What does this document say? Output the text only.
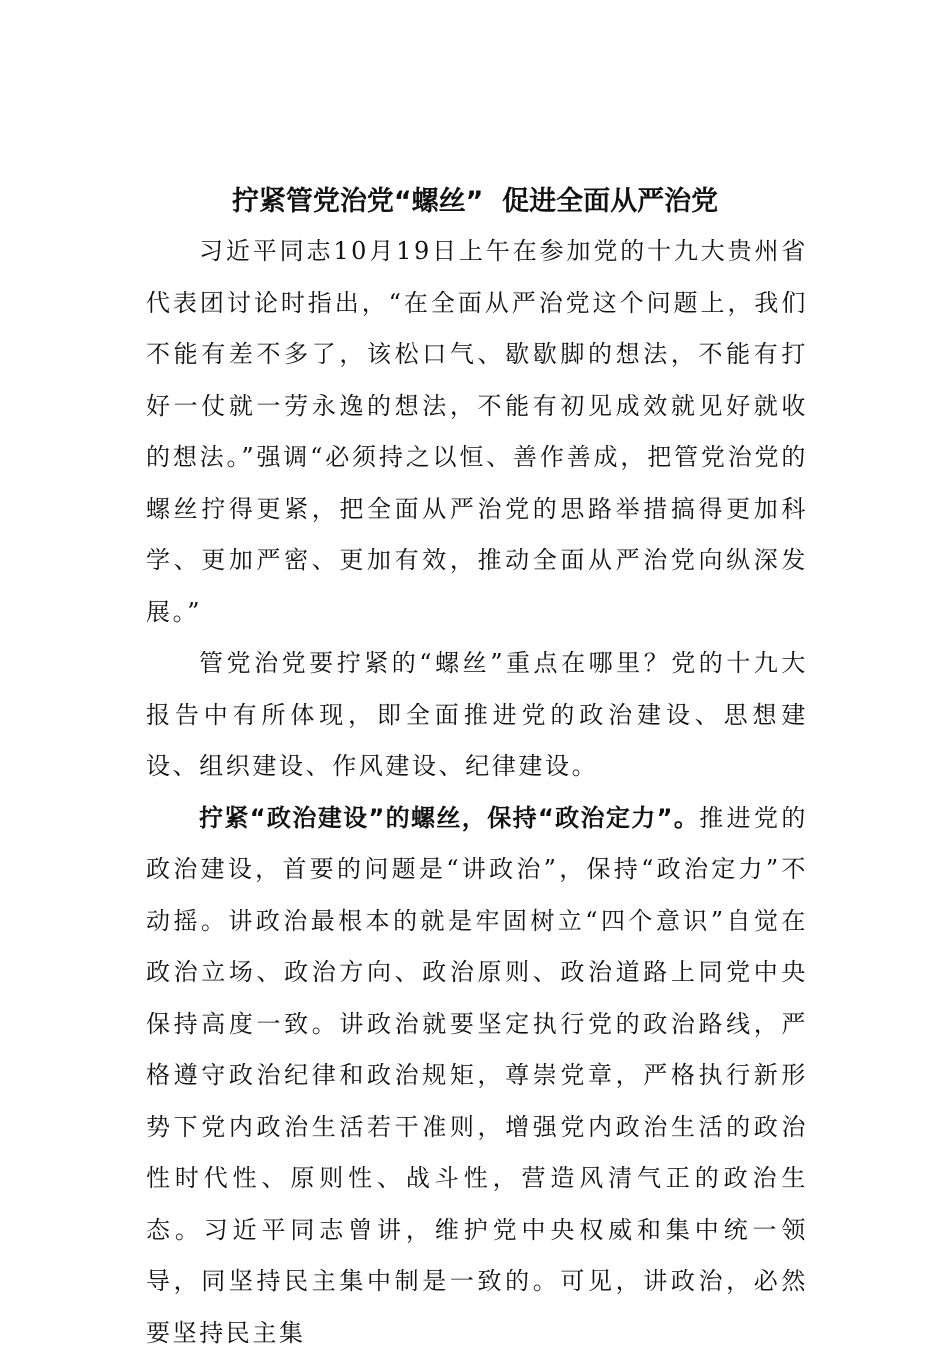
拧紧管党治党“螺丝”  促进全面从严治党

习近平同志10月19日上午在参加党的十九大贵州省代表团讨论时指出，“在全面从严治党这个问题上，我们不能有差不多了，该松口气、歇歇脚的想法，不能有打好一仗就一劳永逸的想法，不能有初见成效就见好就收的想法。”强调“必须持之以恒、善作善成，把管党治党的螺丝拧得更紧，把全面从严治党的思路举措搞得更加科学、更加严密、更加有效，推动全面从严治党向纵深发展。”

管党治党要拧紧的“螺丝”重点在哪里？党的十九大报告中有所体现，即全面推进党的政治建设、思想建设、组织建设、作风建设、纪律建设。

拧紧“政治建设”的螺丝，保持“政治定力”。推进党的政治建设，首要的问题是“讲政治”，保持“政治定力”不动摇。讲政治最根本的就是牢固树立“四个意识”自觉在政治立场、政治方向、政治原则、政治道路上同党中央保持高度一致。讲政治就要坚定执行党的政治路线，严格遵守政治纪律和政治规矩，尊崇党章，严格执行新形势下党内政治生活若干准则，增强党内政治生活的政治性时代性、原则性、战斗性，营造风清气正的政治生态。习近平同志曾讲，维护党中央权威和集中统一领导，同坚持民主集中制是一致的。可见，讲政治，必然要坚持民主集
